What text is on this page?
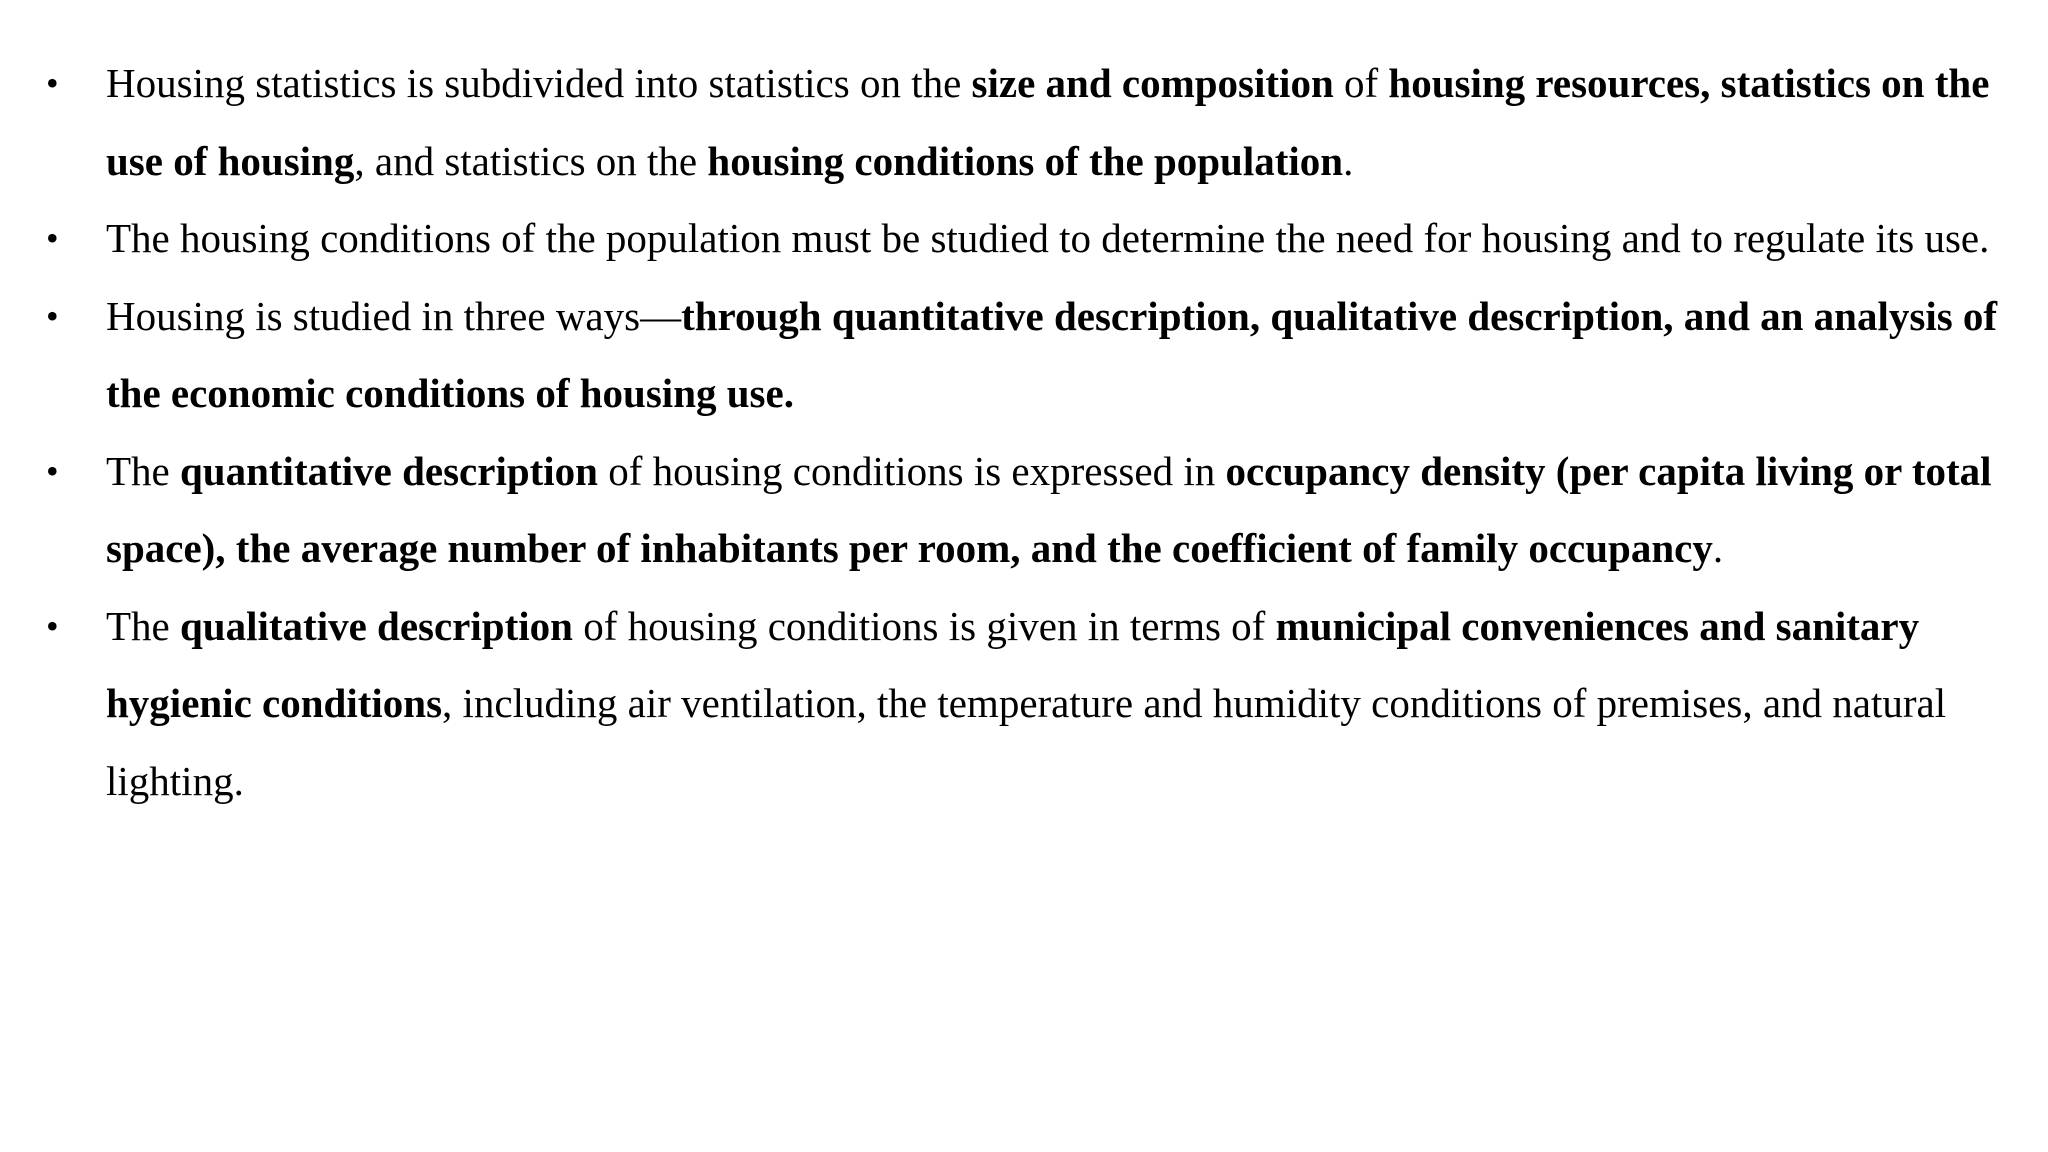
•	Housing statistics is subdivided into statistics on the size and composition of housing resources, statistics on the use of housing, and statistics on the housing conditions of the population.
•	The housing conditions of the population must be studied to determine the need for housing and to regulate its use.
•	Housing is studied in three ways—through quantitative description, qualitative description, and an analysis of the economic conditions of housing use.
•	The quantitative description of housing conditions is expressed in occupancy density (per capita living or total space), the average number of inhabitants per room, and the coefficient of family occupancy.
•	The qualitative description of housing conditions is given in terms of municipal conveniences and sanitary hygienic conditions, including air ventilation, the temperature and humidity conditions of premises, and natural lighting.
